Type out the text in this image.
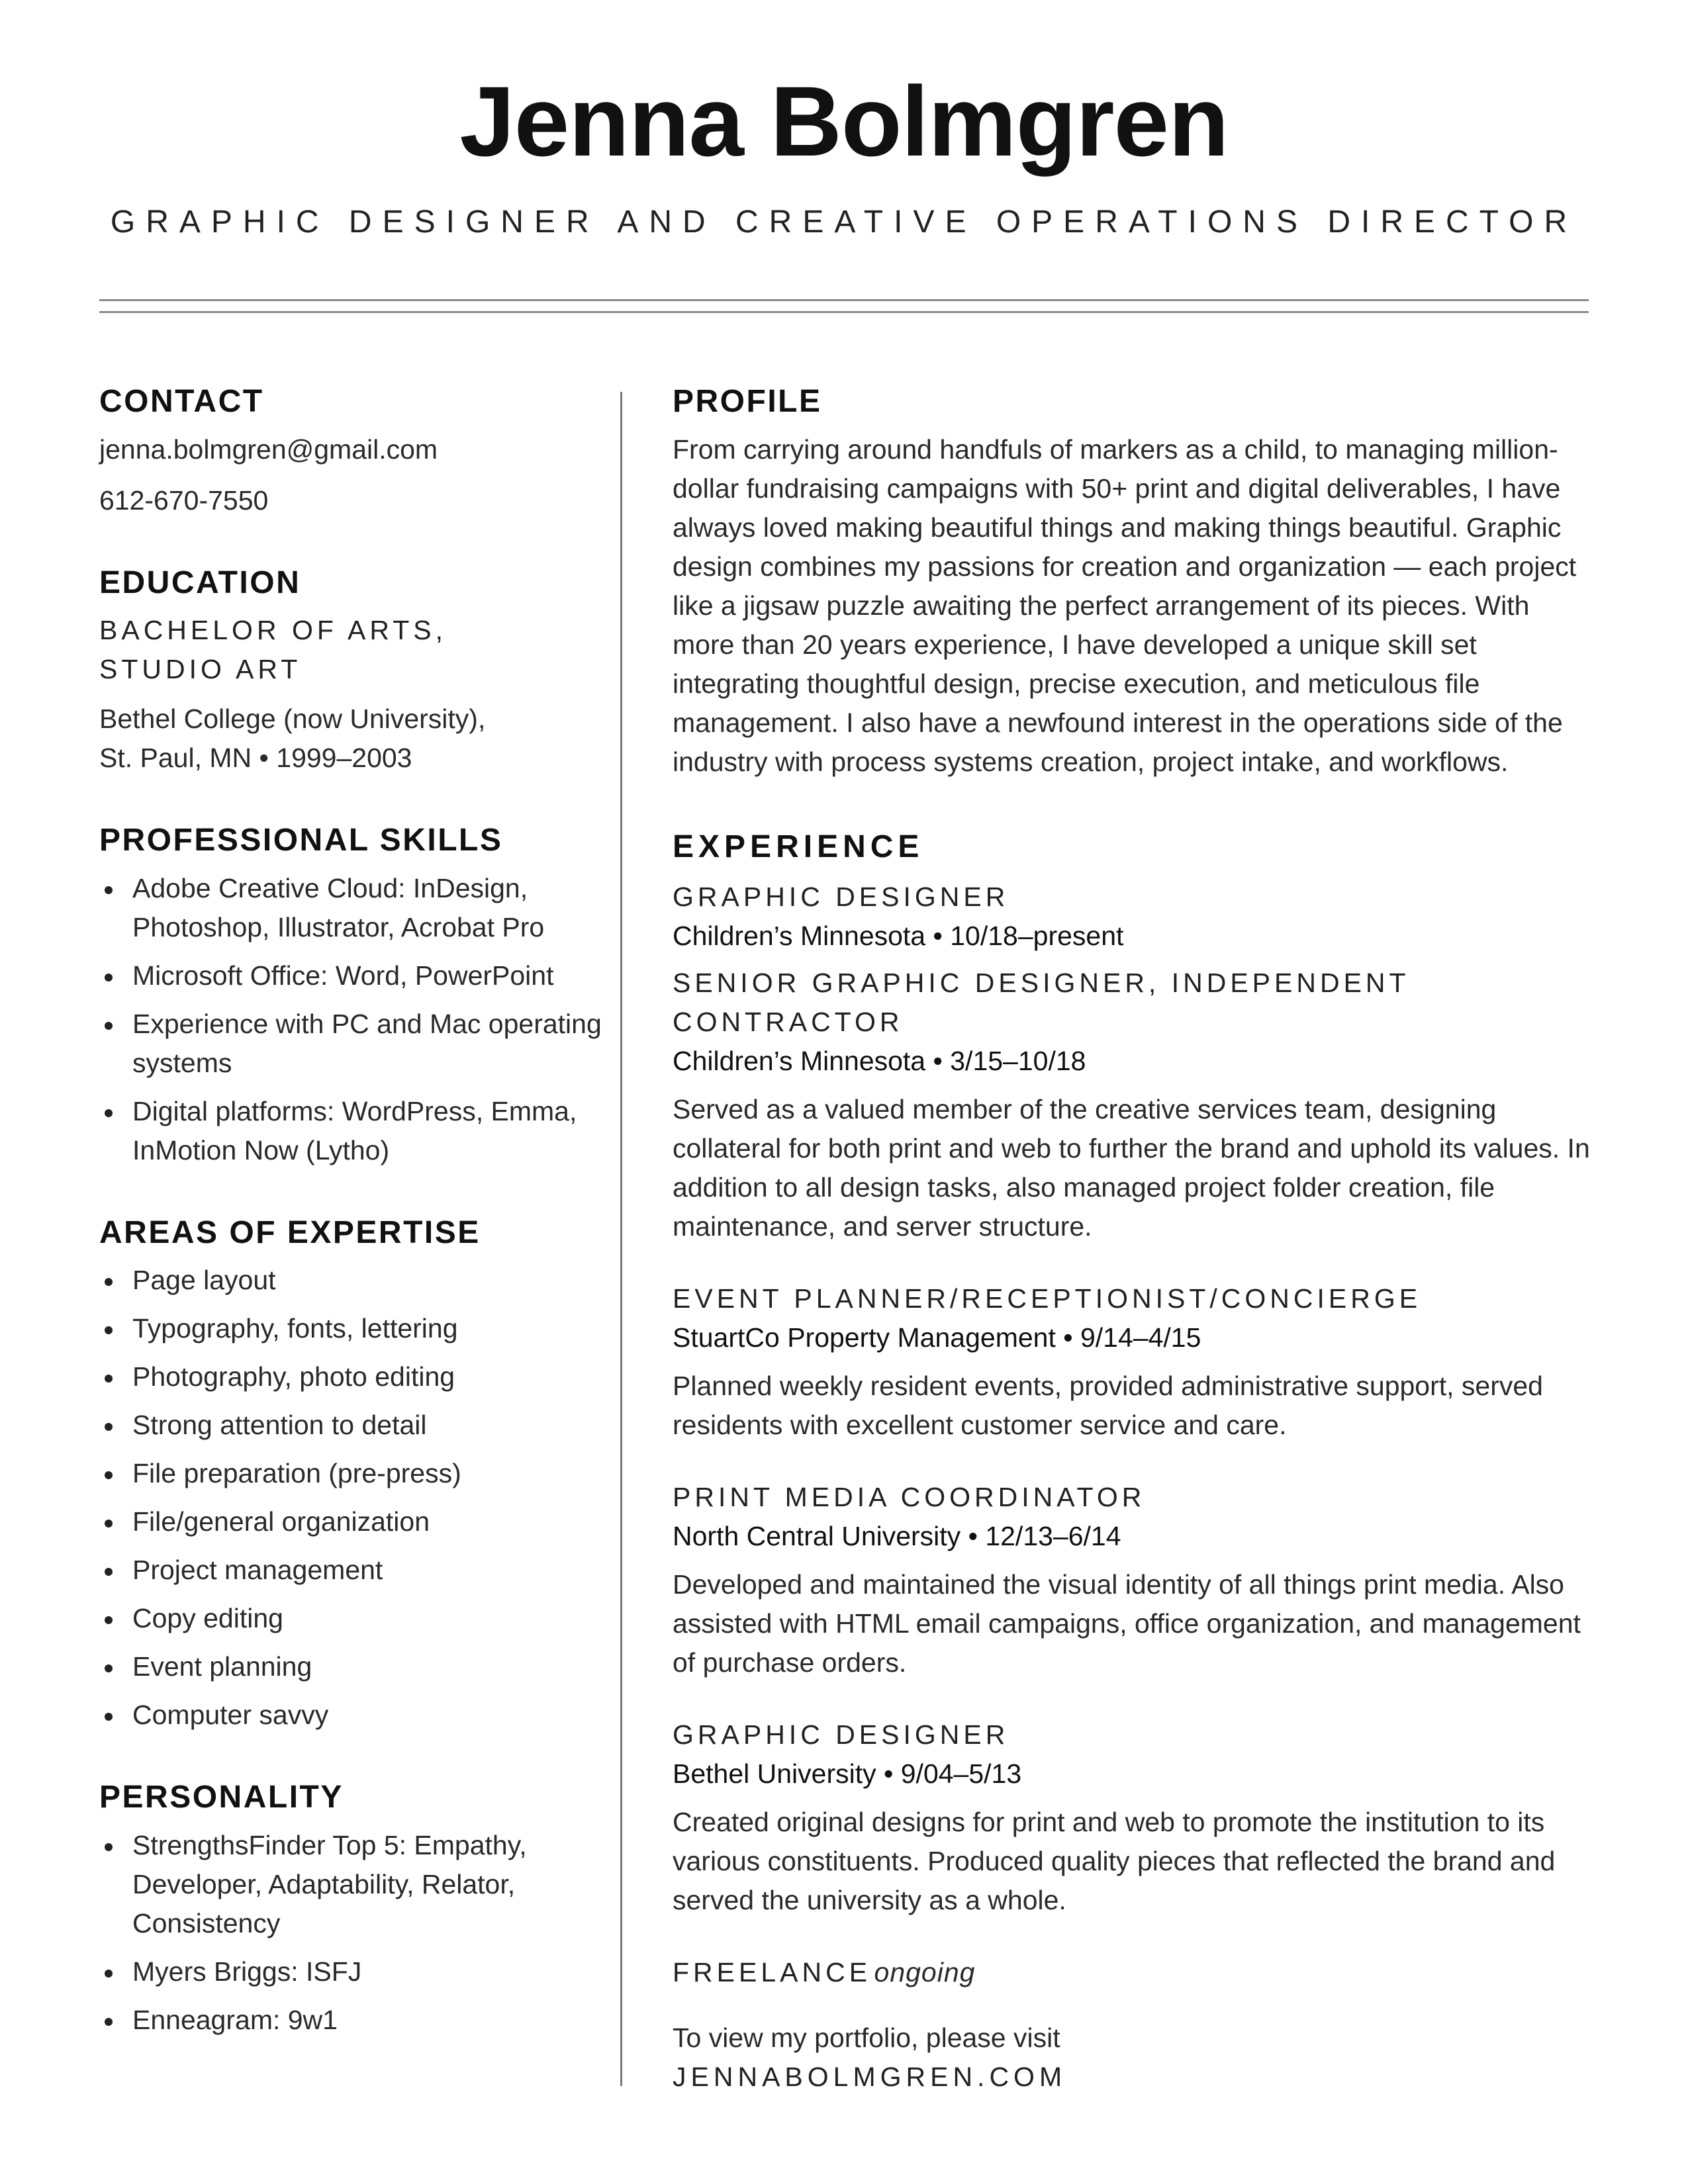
Jenna Bolmgren
GRAPHIC DESIGNER AND CREATIVE OPERATIONS DIRECTOR
CONTACT

jenna.bolmgren@gmail.com

612-670-7550

EDUCATION
BACHELOR OF ARTS,
STUDIO ART

Bethel College (now University),

St. Paul, MN • 1999–2003

PROFESSIONAL SKILLS
Adobe Creative Cloud: InDesign, Photoshop, Illustrator, Acrobat Pro
Microsoft Office: Word, PowerPoint
Experience with PC and Mac operating systems
Digital platforms: WordPress, Emma, InMotion Now (Lytho)
AREAS OF EXPERTISE
Page layout
Typography, fonts, lettering
Photography, photo editing
Strong attention to detail
File preparation (pre-press)
File/general organization
Project management
Copy editing
Event planning
Computer savvy
PERSONALITY
StrengthsFinder Top 5: Empathy, Developer, Adaptability, Relator, Consistency
Myers Briggs: ISFJ
Enneagram: 9w1
PROFILE

From carrying around handfuls of markers as a child, to managing million-dollar fundraising campaigns with 50+ print and digital deliverables, I have always loved making beautiful things and making things beautiful. Graphic design combines my passions for creation and organization — each project like a jigsaw puzzle awaiting the perfect arrangement of its pieces. With more than 20 years experience, I have developed a unique skill set integrating thoughtful design, precise execution, and meticulous file management. I also have a newfound interest in the operations side of the industry with process systems creation, project intake, and workflows.

EXPERIENCE
GRAPHIC DESIGNER
Children’s Minnesota • 10/18–present
SENIOR GRAPHIC DESIGNER, INDEPENDENT CONTRACTOR
Children’s Minnesota • 3/15–10/18

Served as a valued member of the creative services team, designing collateral for both print and web to further the brand and uphold its values. In addition to all design tasks, also managed project folder creation, file maintenance, and server structure.

EVENT PLANNER/RECEPTIONIST/CONCIERGE
StuartCo Property Management • 9/14–4/15

Planned weekly resident events, provided administrative support, served residents with excellent customer service and care.

PRINT MEDIA COORDINATOR
North Central University • 12/13–6/14

Developed and maintained the visual identity of all things print media. Also assisted with HTML email campaigns, office organization, and management of purchase orders.

GRAPHIC DESIGNER
Bethel University • 9/04–5/13

Created original designs for print and web to promote the institution to its various constituents. Produced quality pieces that reflected the brand and served the university as a whole.

FREELANCE ongoing

To view my portfolio, please visit

JENNABOLMGREN.COM
